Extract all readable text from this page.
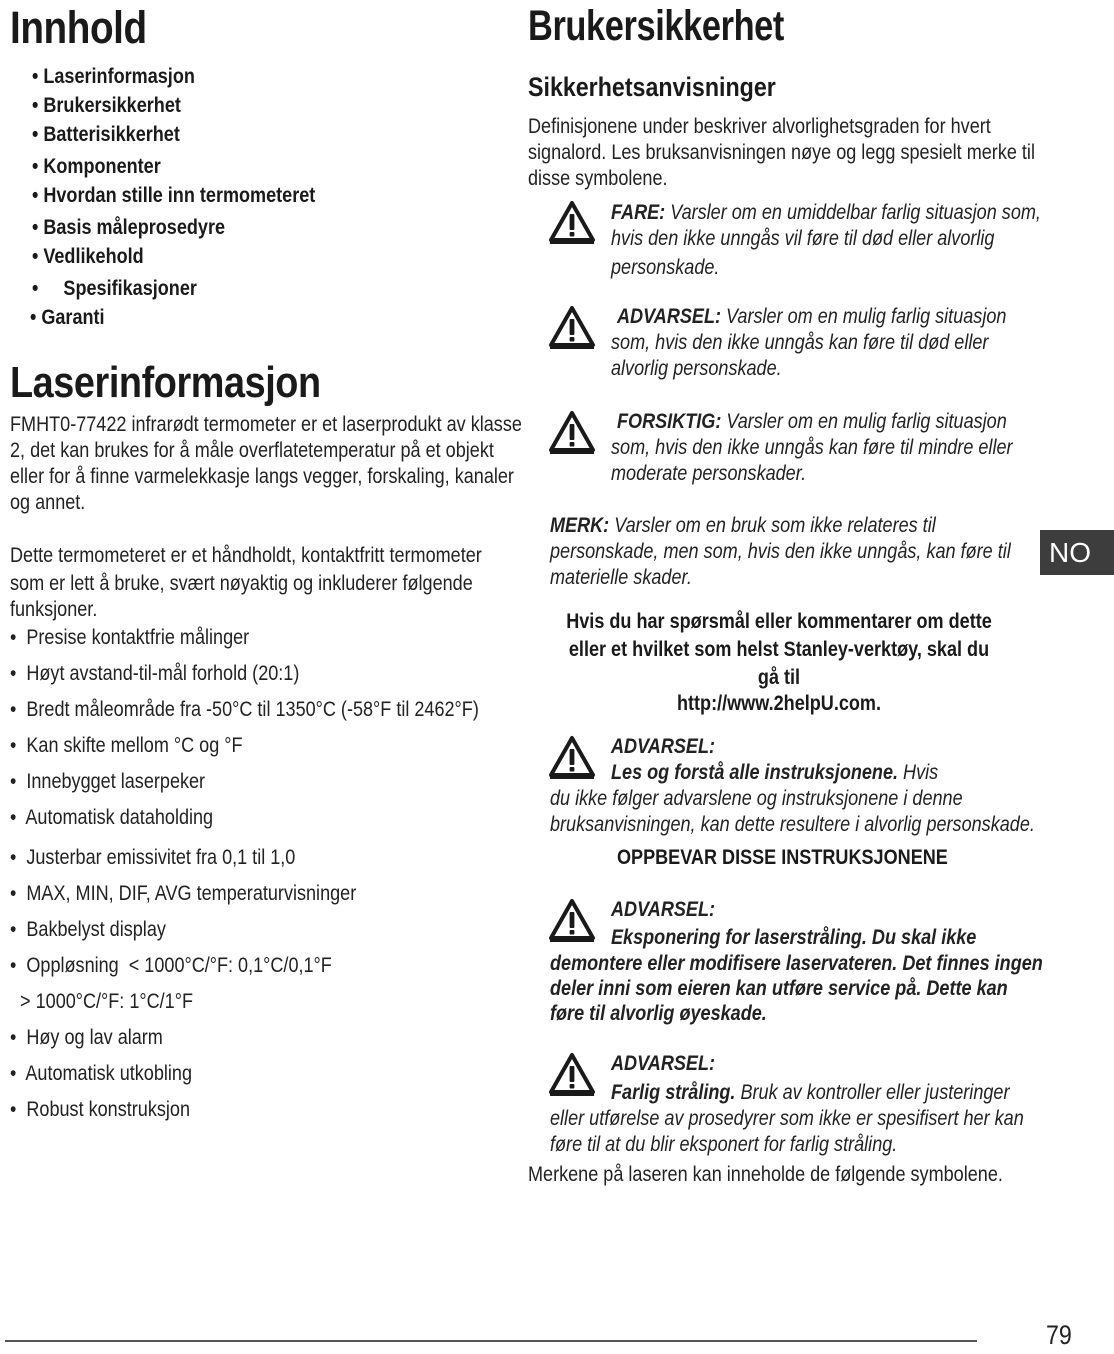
Innhold
• Laserinformasjon
• Brukersikkerhet
• Batterisikkerhet
• Komponenter
• Hvordan stille inn termometeret
• Basis måleprosedyre
• Vedlikehold
•     Spesifikasjoner
• Garanti
Laserinformasjon
FMHT0-77422 infrarødt termometer er et laserprodukt av klasse
2, det kan brukes for å måle overflatetemperatur på et objekt
eller for å finne varmelekkasje langs vegger, forskaling, kanaler
og annet.
Dette termometeret er et håndholdt, kontaktfritt termometer
som er lett å bruke, svært nøyaktig og inkluderer følgende
funksjoner.
•  Presise kontaktfrie målinger
•  Høyt avstand-til-mål forhold (20:1)
•  Bredt måleområde fra -50°C til 1350°C (-58°F til 2462°F)
•  Kan skifte mellom °C og °F
•  Innebygget laserpeker
•  Automatisk dataholding
•  Justerbar emissivitet fra 0,1 til 1,0
•  MAX, MIN, DIF, AVG temperaturvisninger
•  Bakbelyst display
•  Oppløsning  < 1000°C/°F: 0,1°C/0,1°F
> 1000°C/°F: 1°C/1°F
•  Høy og lav alarm
•  Automatisk utkobling
•  Robust konstruksjon
Brukersikkerhet
Sikkerhetsanvisninger
Definisjonene under beskriver alvorlighetsgraden for hvert
signalord. Les bruksanvisningen nøye og legg spesielt merke til
disse symbolene.
FARE: Varsler om en umiddelbar farlig situasjon som,
hvis den ikke unngås vil føre til død eller alvorlig
personskade.
ADVARSEL: Varsler om en mulig farlig situasjon
som, hvis den ikke unngås kan føre til død eller
alvorlig personskade.
FORSIKTIG: Varsler om en mulig farlig situasjon
som, hvis den ikke unngås kan føre til mindre eller
moderate personskader.
MERK: Varsler om en bruk som ikke relateres til
personskade, men som, hvis den ikke unngås, kan føre til
materielle skader.
Hvis du har spørsmål eller kommentarer om dette
eller et hvilket som helst Stanley-verktøy, skal du gå til
http://www.2helpU.com.
ADVARSEL:
Les og forstå alle instruksjonene. Hvis
du ikke følger advarslene og instruksjonene i denne
bruksanvisningen, kan dette resultere i alvorlig personskade.
OPPBEVAR DISSE INSTRUKSJONENE
ADVARSEL:
Eksponering for laserstråling. Du skal ikke
demontere eller modifisere laservateren. Det finnes ingen
deler inni som eieren kan utføre service på. Dette kan
føre til alvorlig øyeskade.
ADVARSEL:
Farlig stråling. Bruk av kontroller eller justeringer
eller utførelse av prosedyrer som ikke er spesifisert her kan
føre til at du blir eksponert for farlig stråling.
Merkene på laseren kan inneholde de følgende symbolene.
NO
79
